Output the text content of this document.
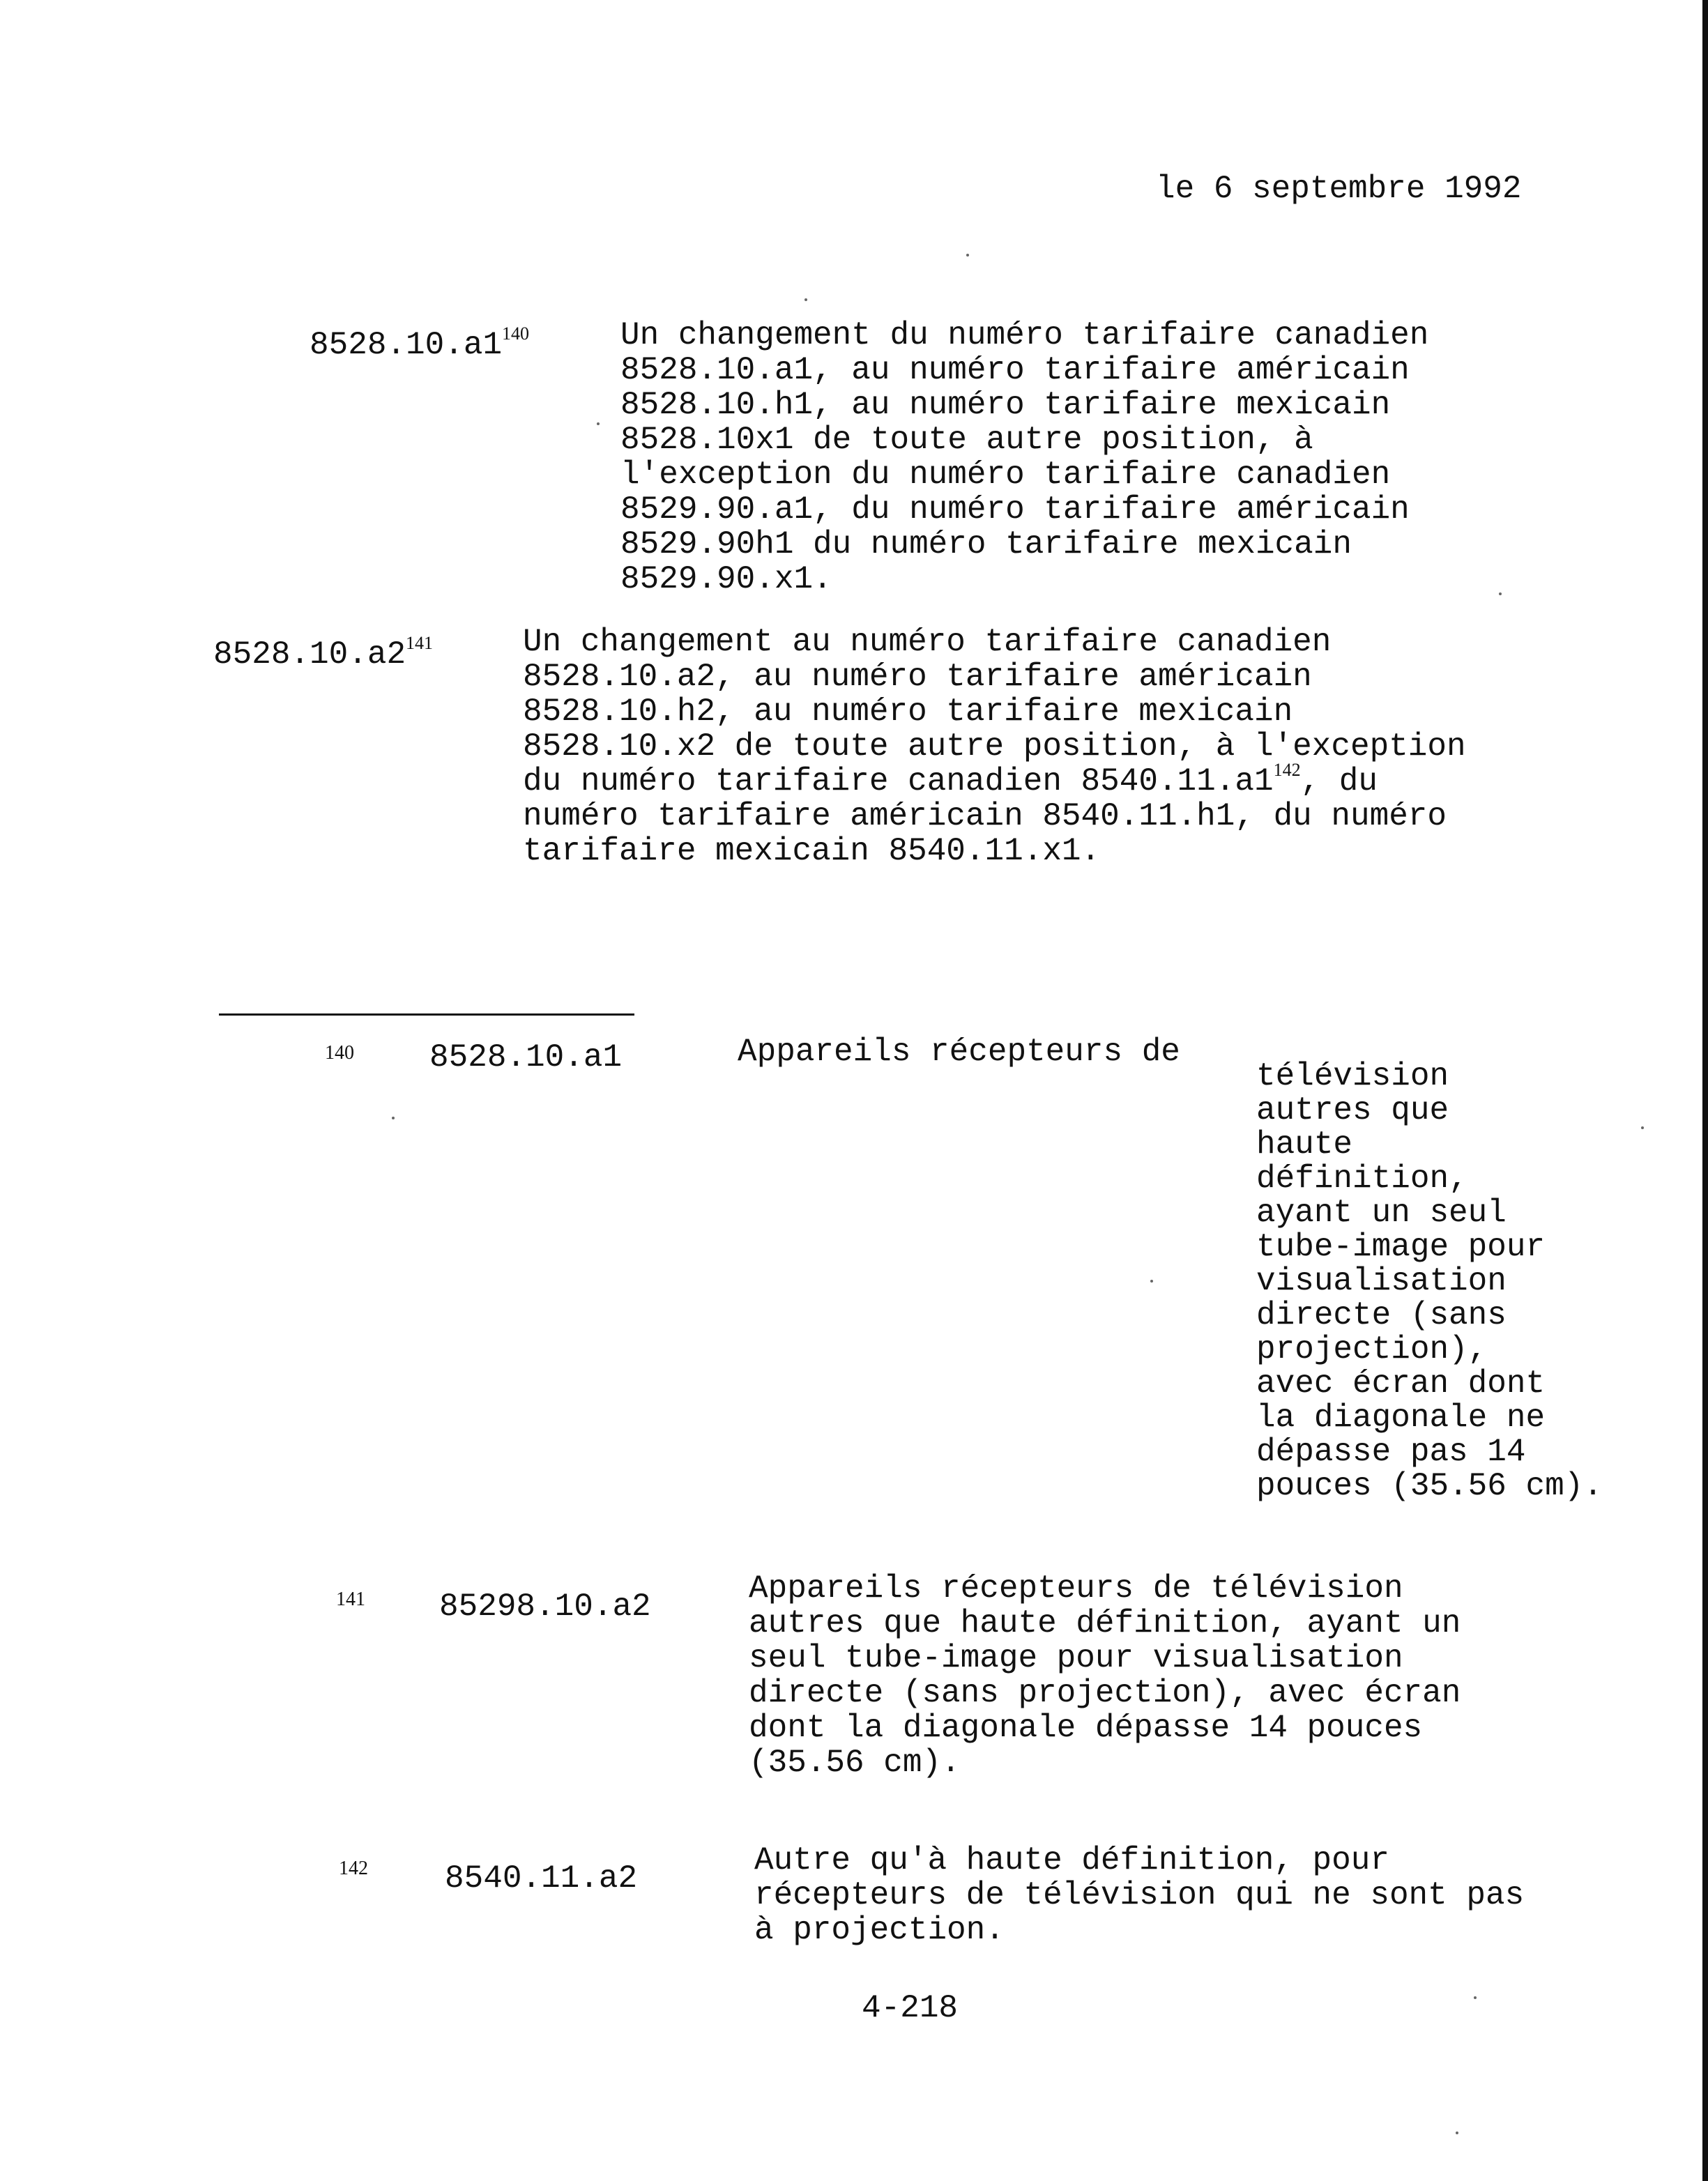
le 6 septembre 1992
$8528.10.a1^{140}$	Un changement du numéro tarifaire canadien
8528.10.a1, au numéro tarifaire américain
8528.10.h1, au numéro tarifaire mexicain
8528.10x1 de toute autre position, à
l'exception du numéro tarifaire canadien
8529.90.a1, du numéro tarifaire américain
8529.90h1 du numéro tarifaire mexicain
8529.90.x1.
$8528.10.a2^{141}$	Un changement au numéro tarifaire canadien
8528.10.a2, au numéro tarifaire américain
8528.10.h2, au numéro tarifaire mexicain
8528.10.x2 de toute autre position, à l'exception
du numéro tarifaire canadien $8540.11.a1^{142}$, du
numéro tarifaire américain 8540.11.h1, du numéro
tarifaire mexicain 8540.11.x1.
140 8528.10.a1	Appareils récepteurs de
télévision
autres que
haute
définition,
ayant un seul
tube-image pour
visualisation
directe (sans
projection),
avec écran dont
la diagonale ne
dépasse pas 14
pouces (35.56 cm).
141 85298.10.a2	Appareils récepteurs de télévision
autres que haute définition, ayant un
seul tube-image pour visualisation
directe (sans projection), avec écran
dont la diagonale dépasse 14 pouces
(35.56 cm).
142 8540.11.a2	Autre qu'à haute définition, pour
récepteurs de télévision qui ne sont pas
à projection.
4-218
